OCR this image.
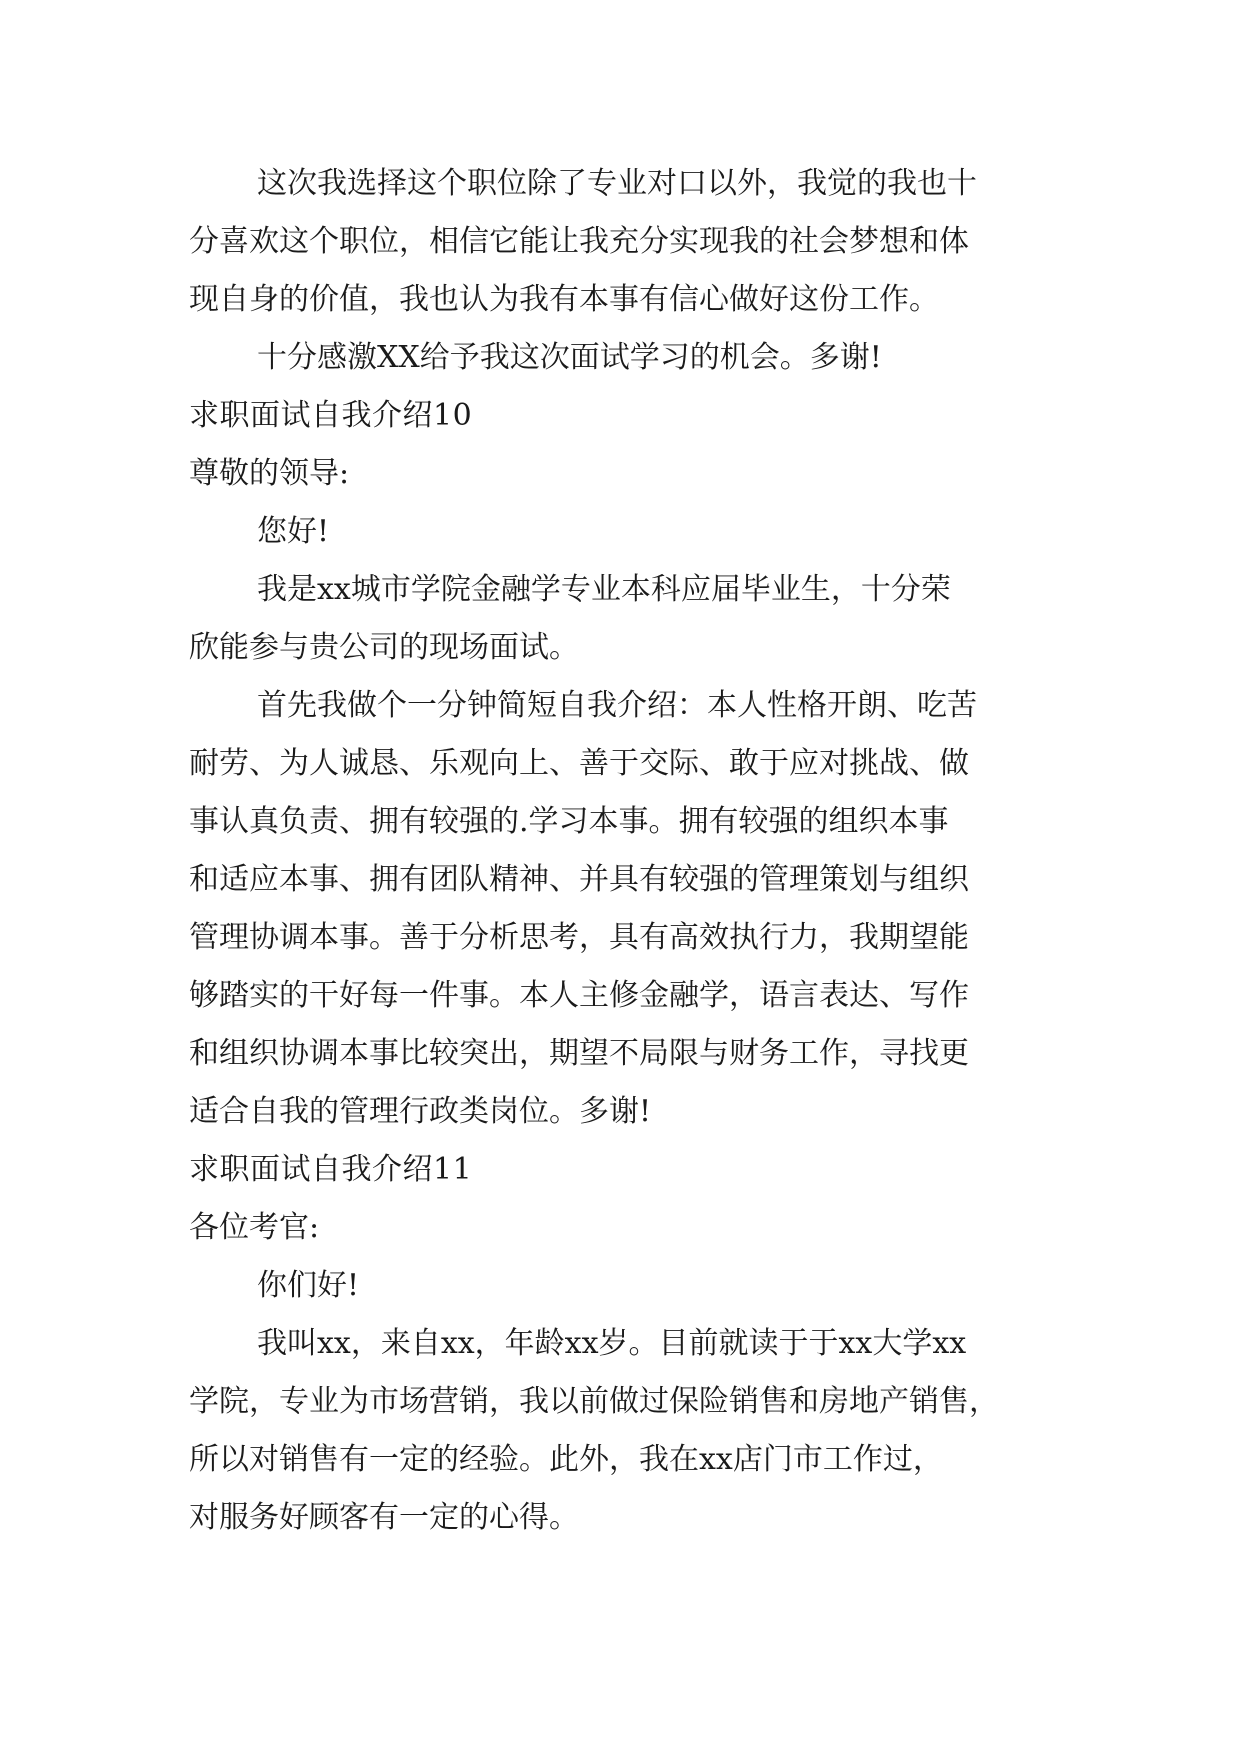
这次我选择这个职位除了专业对口以外，我觉的我也十
分喜欢这个职位，相信它能让我充分实现我的社会梦想和体
现自身的价值，我也认为我有本事有信心做好这份工作。
十分感激XX给予我这次面试学习的机会。多谢!
求职面试自我介绍10
尊敬的领导:
您好!
我是xx城市学院金融学专业本科应届毕业生，十分荣
欣能参与贵公司的现场面试。
首先我做个一分钟简短自我介绍：本人性格开朗、吃苦
耐劳、为人诚恳、乐观向上、善于交际、敢于应对挑战、做
事认真负责、拥有较强的.学习本事。拥有较强的组织本事
和适应本事、拥有团队精神、并具有较强的管理策划与组织
管理协调本事。善于分析思考，具有高效执行力，我期望能
够踏实的干好每一件事。本人主修金融学，语言表达、写作
和组织协调本事比较突出，期望不局限与财务工作，寻找更
适合自我的管理行政类岗位。多谢!
求职面试自我介绍11
各位考官:
你们好!
我叫xx，来自xx，年龄xx岁。目前就读于于xx大学xx
学院，专业为市场营销，我以前做过保险销售和房地产销售，
所以对销售有一定的经验。此外，我在xx店门市工作过，
对服务好顾客有一定的心得。
